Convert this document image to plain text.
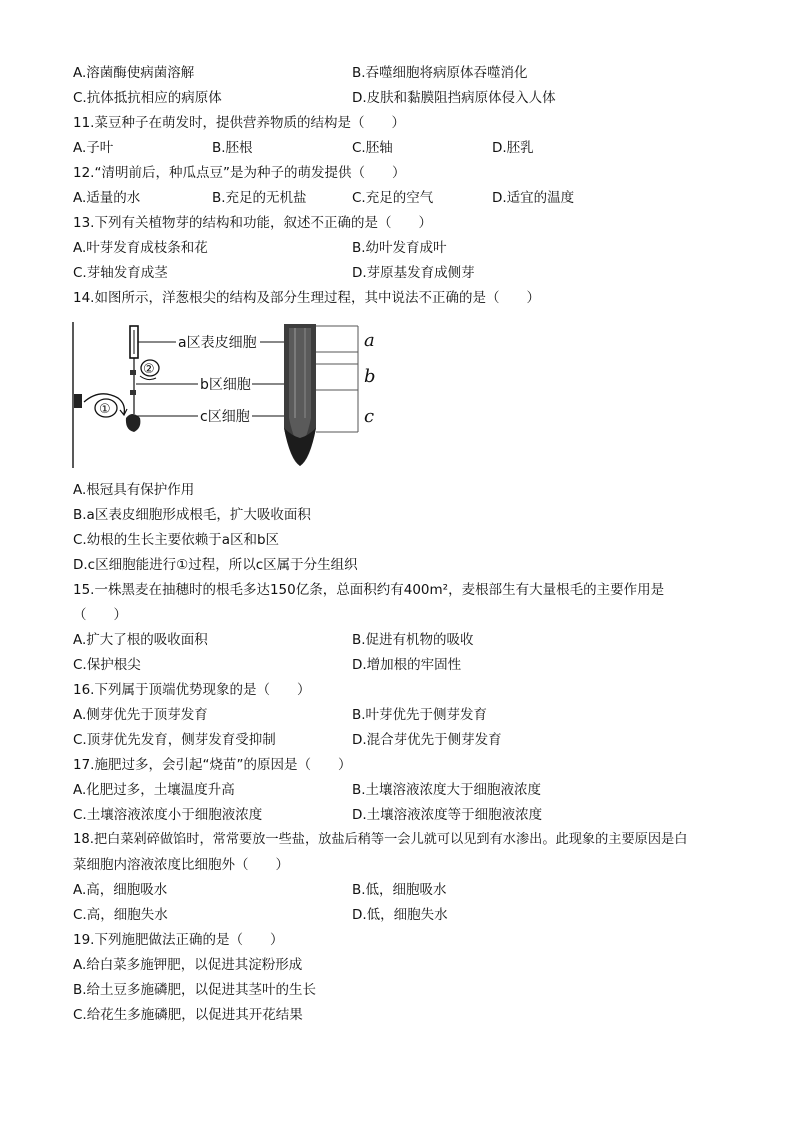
A.溶菌酶使病菌溶解	B.吞噬细胞将病原体吞噬消化
C.抗体抵抗相应的病原体	D.皮肤和黏膜阻挡病原体侵入人体
11.菜豆种子在萌发时，提供营养物质的结构是（　　）
A.子叶	B.胚根	C.胚轴	D.胚乳
12.“清明前后，种瓜点豆”是为种子的萌发提供（　　）
A.适量的水	B.充足的无机盐	C.充足的空气	D.适宜的温度
13.下列有关植物芽的结构和功能，叙述不正确的是（　　）
A.叶芽发育成枝条和花	B.幼叶发育成叶
C.芽轴发育成茎	D.芽原基发育成侧芽
14.如图所示，洋葱根尖的结构及部分生理过程，其中说法不正确的是（　　）
a区表皮细胞
b区细胞
c区细胞
①
②
a
b
c
A.根冠具有保护作用
B.a区表皮细胞形成根毛，扩大吸收面积
C.幼根的生长主要依赖于a区和b区
D.c区细胞能进行①过程，所以c区属于分生组织
15.一株黑麦在抽穗时的根毛多达150亿条，总面积约有400m²，麦根部生有大量根毛的主要作用是
（　　）
A.扩大了根的吸收面积	B.促进有机物的吸收
C.保护根尖	D.增加根的牢固性
16.下列属于顶端优势现象的是（　　）
A.侧芽优先于顶芽发育	B.叶芽优先于侧芽发育
C.顶芽优先发育，侧芽发育受抑制	D.混合芽优先于侧芽发育
17.施肥过多，会引起“烧苗”的原因是（　　）
A.化肥过多，土壤温度升高	B.土壤溶液浓度大于细胞液浓度
C.土壤溶液浓度小于细胞液浓度	D.土壤溶液浓度等于细胞液浓度
18.把白菜剁碎做馅时，常常要放一些盐，放盐后稍等一会儿就可以见到有水渗出。此现象的主要原因是白
菜细胞内溶液浓度比细胞外（　　）
A.高，细胞吸水	B.低，细胞吸水
C.高，细胞失水	D.低，细胞失水
19.下列施肥做法正确的是（　　）
A.给白菜多施钾肥，以促进其淀粉形成
B.给土豆多施磷肥，以促进其茎叶的生长
C.给花生多施磷肥，以促进其开花结果
